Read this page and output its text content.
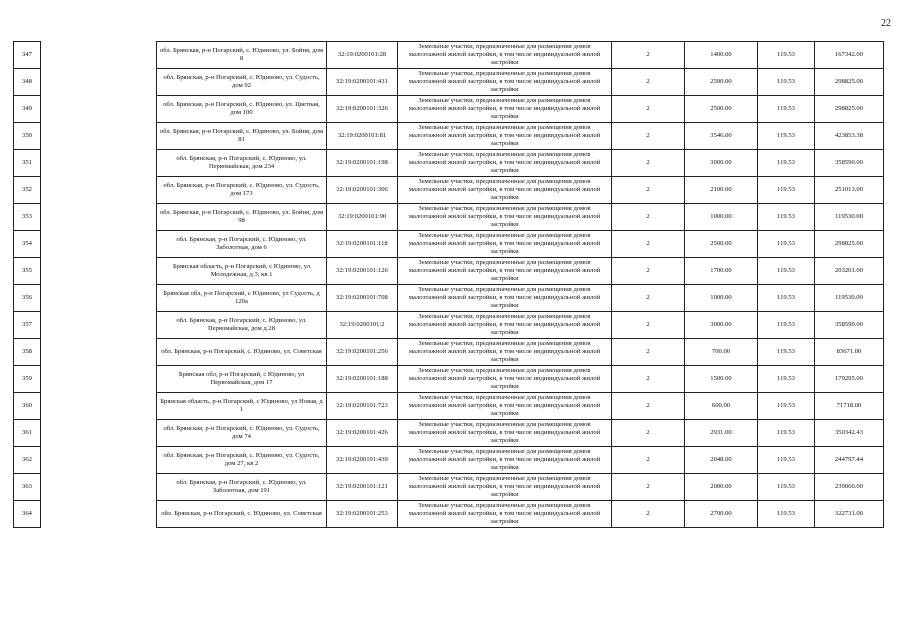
22
347		обл. Брянская, р-н Погарский, с. Юдиново, ул. Бойня, дом 8	32:19:0200101:28	Земельные участки, предназначенные для размещения домов малоэтажной жилой застройки, в том числе индивидуальной жилой застройки	2	1400.00	119.53	167342.00
348		обл. Брянская, р-н Погарский, с. Юдиново, ул. Судость, дом 92	32:19:0200101:431	Земельные участки, предназначенные для размещения домов малоэтажной жилой застройки, в том числе индивидуальной жилой застройки	2	2500.00	119.53	298825.00
349		обл. Брянская, р-н Погарский, с. Юдиново, ул. Цветная, дом 100	32:19:0200101:326	Земельные участки, предназначенные для размещения домов малоэтажной жилой застройки, в том числе индивидуальной жилой застройки	2	2500.00	119.53	298825.00
350		обл. Брянская, р-н Погарский, с. Юдиново, ул. Бойня, дом 81	32:19:0200101:81	Земельные участки, предназначенные для размещения домов малоэтажной жилой застройки, в том числе индивидуальной жилой застройки	2	3546.00	119.53	423853.38
351		обл. Брянская, р-н Погарский, с. Юдиново, ул. Первомайская, дом 234	32:19:0200101:198	Земельные участки, предназначенные для размещения домов малоэтажной жилой застройки, в том числе индивидуальной жилой застройки	2	3000.00	119.53	358590.00
352		обл. Брянская, р-н Погарский, с. Юдиново, ул. Судость, дом 173	32:19:0200101:306	Земельные участки, предназначенные для размещения домов малоэтажной жилой застройки, в том числе индивидуальной жилой застройки	2	2100.00	119.53	251013.00
353		обл. Брянская, р-н Погарский, с. Юдиново, ул. Бойня, дом 98	32:19:0200101:90	Земельные участки, предназначенные для размещения домов малоэтажной жилой застройки, в том числе индивидуальной жилой застройки	2	1000.00	119.53	119530.00
354		обл. Брянская, р-н Погарский, с. Юдиново, ул. Заболотная, дом 6	32:19:0200101:118	Земельные участки, предназначенные для размещения домов малоэтажной жилой застройки, в том числе индивидуальной жилой застройки	2	2500.00	119.53	298825.00
355		Брянская область, р-н Погарский, с Юдиново, ул Молодежная, д 3, кв 1	32:19:0200101:126	Земельные участки, предназначенные для размещения домов малоэтажной жилой застройки, в том числе индивидуальной жилой застройки	2	1700.00	119.53	203201.00
356		Брянская обл, р-н Погарский, с Юдиново, ул Судость, д 120а	32:19:0200101:708	Земельные участки, предназначенные для размещения домов малоэтажной жилой застройки, в том числе индивидуальной жилой застройки	2	1000.00	119.53	119530.00
357		обл. Брянская, р-н Погарский, с. Юдиново, ул. Первомайская, дом д.28	32:19:0200101:2	Земельные участки, предназначенные для размещения домов малоэтажной жилой застройки, в том числе индивидуальной жилой застройки	2	3000.00	119.53	358590.00
358		обл. Брянская, р-н Погарский, с. Юдиново, ул. Советская	32:19:0200101:256	Земельные участки, предназначенные для размещения домов малоэтажной жилой застройки, в том числе индивидуальной жилой застройки	2	700.00	119.53	83671.00
359		Брянская обл, р-н Погарский, с Юдиново, ул Первомайская, дом 17	32:19:0200101:188	Земельные участки, предназначенные для размещения домов малоэтажной жилой застройки, в том числе индивидуальной жилой застройки	2	1500.00	119.53	179295.00
360		Брянская область, р-н Погарский, с Юдиново, ул Новая, д 1	32:19:0200101:723	Земельные участки, предназначенные для размещения домов малоэтажной жилой застройки, в том числе индивидуальной жилой застройки	2	600.00	119.53	71718.00
361		обл. Брянская, р-н Погарский, с. Юдиново, ул. Судость, дом 74	32:19:0200101:426	Земельные участки, предназначенные для размещения домов малоэтажной жилой застройки, в том числе индивидуальной жилой застройки	2	2931.00	119.53	350342.43
362		обл. Брянская, р-н Погарский, с. Юдиново, ул. Судость, дом 27, кв 2	32:19:0200101:439	Земельные участки, предназначенные для размещения домов малоэтажной жилой застройки, в том числе индивидуальной жилой застройки	2	2048.00	119.53	244797.44
363		обл. Брянская, р-н Погарский, с. Юдиново, ул. Заболотная, дом 191	32:19:0200101:121	Земельные участки, предназначенные для размещения домов малоэтажной жилой застройки, в том числе индивидуальной жилой застройки	2	2000.00	119.53	239060.00
364		обл. Брянская, р-н Погарский, с. Юдиново, ул. Советская	32:19:0200101:253	Земельные участки, предназначенные для размещения домов малоэтажной жилой застройки, в том числе индивидуальной жилой застройки	2	2700.00	119.53	322731.00
